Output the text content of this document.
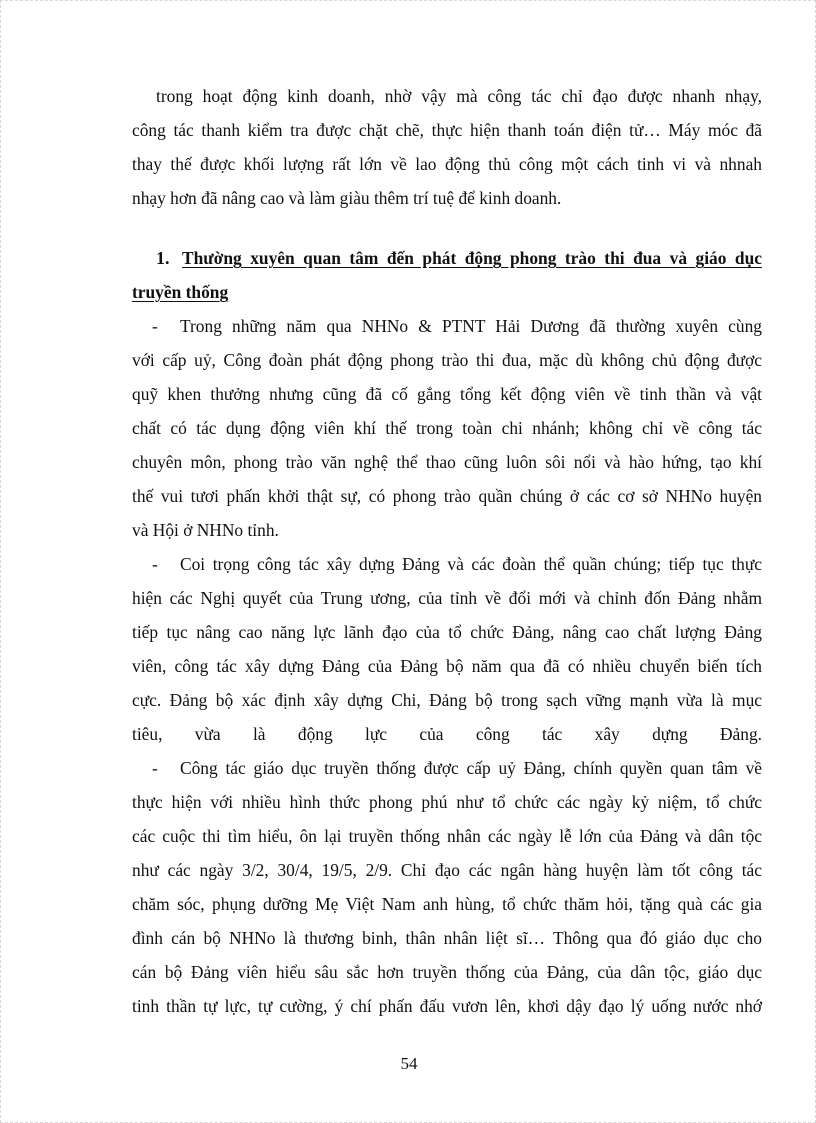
trong hoạt động kinh doanh, nhờ vậy mà công tác chỉ đạo được nhanh nhạy,
công tác thanh kiểm tra được chặt chẽ, thực hiện thanh toán điện tử… Máy móc đã
thay thế được khối lượng rất lớn về lao động thủ công một cách tinh vi và nhnah
nhạy hơn đã nâng cao và làm giàu thêm trí tuệ để kinh doanh.
1. Thường xuyên quan tâm đến phát động phong trào thi đua và giáo dục
truyền thống
- Trong những năm qua NHNo & PTNT Hải Dương đã thường xuyên cùng
với cấp uỷ, Công đoàn phát động phong trào thi đua, mặc dù không chủ động được
quỹ khen thưởng nhưng cũng đã cố gắng tổng kết động viên về tinh thần và vật
chất có tác dụng động viên khí thế trong toàn chi nhánh; không chỉ về công tác
chuyên môn, phong trào văn nghệ thể thao cũng luôn sôi nổi và hào hứng, tạo khí
thế vui tươi phấn khởi thật sự, có phong trào quần chúng ở các cơ sở NHNo huyện
và Hội ở NHNo tỉnh.
- Coi trọng công tác xây dựng Đảng và các đoàn thể quần chúng; tiếp tục thực
hiện các Nghị quyết của Trung ương, của tỉnh về đổi mới và chỉnh đốn Đảng nhằm
tiếp tục nâng cao năng lực lãnh đạo của tổ chức Đảng, nâng cao chất lượng Đảng
viên, công tác xây dựng Đảng của Đảng bộ năm qua đã có nhiều chuyển biến tích
cực. Đảng bộ xác định xây dựng Chi, Đảng bộ trong sạch vững mạnh vừa là mục
tiêu, vừa là động lực của công tác xây dựng Đảng.
- Công tác giáo dục truyền thống được cấp uỷ Đảng, chính quyền quan tâm về
thực hiện với nhiều hình thức phong phú như tổ chức các ngày kỷ niệm, tổ chức
các cuộc thi tìm hiểu, ôn lại truyền thống nhân các ngày lễ lớn của Đảng và dân tộc
như các ngày 3/2, 30/4, 19/5, 2/9. Chỉ đạo các ngân hàng huyện làm tốt công tác
chăm sóc, phụng dưỡng Mẹ Việt Nam anh hùng, tổ chức thăm hỏi, tặng quà các gia
đình cán bộ NHNo là thương binh, thân nhân liệt sĩ… Thông qua đó giáo dục cho
cán bộ Đảng viên hiểu sâu sắc hơn truyền thống của Đảng, của dân tộc, giáo dục
tinh thần tự lực, tự cường, ý chí phấn đấu vươn lên, khơi dậy đạo lý uống nước nhớ
54
